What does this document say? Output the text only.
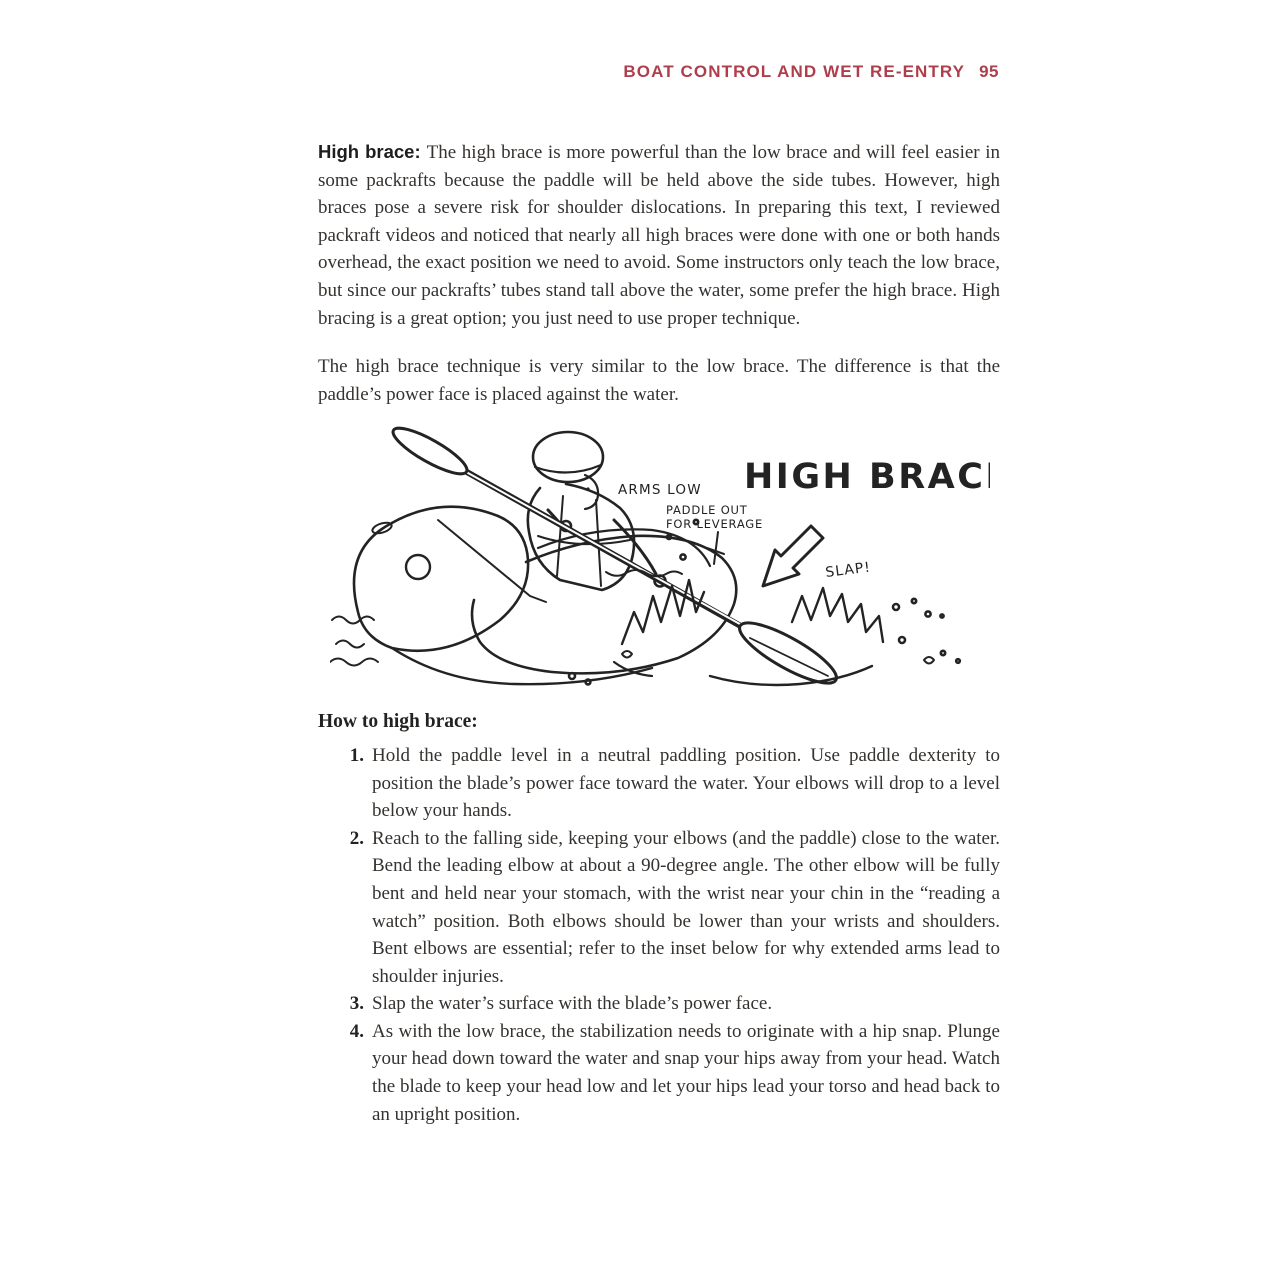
BOAT CONTROL AND WET RE-ENTRY 95

High brace: The high brace is more powerful than the low brace and will feel easier in some packrafts because the paddle will be held above the side tubes. However, high braces pose a severe risk for shoulder dislocations. In preparing this text, I reviewed packraft videos and noticed that nearly all high braces were done with one or both hands overhead, the exact position we need to avoid. Some instructors only teach the low brace, but since our packrafts’ tubes stand tall above the water, some prefer the high brace. High bracing is a great option; you just need to use proper technique.

The high brace technique is very similar to the low brace. The difference is that the paddle’s power face is placed against the water.

HIGH BRACE
ARMS LOW
PADDLE OUT
FOR LEVERAGE
SLAP!
How to high brace:
1. Hold the paddle level in a neutral paddling position. Use paddle dexterity to position the blade’s power face toward the water. Your elbows will drop to a level below your hands.
2. Reach to the falling side, keeping your elbows (and the paddle) close to the water. Bend the leading elbow at about a 90-degree angle. The other elbow will be fully bent and held near your stomach, with the wrist near your chin in the “reading a watch” position. Both elbows should be lower than your wrists and shoulders. Bent elbows are essential; refer to the inset below for why extended arms lead to shoulder injuries.
3. Slap the water’s surface with the blade’s power face.
4. As with the low brace, the stabilization needs to originate with a hip snap. Plunge your head down toward the water and snap your hips away from your head. Watch the blade to keep your head low and let your hips lead your torso and head back to an upright position.
